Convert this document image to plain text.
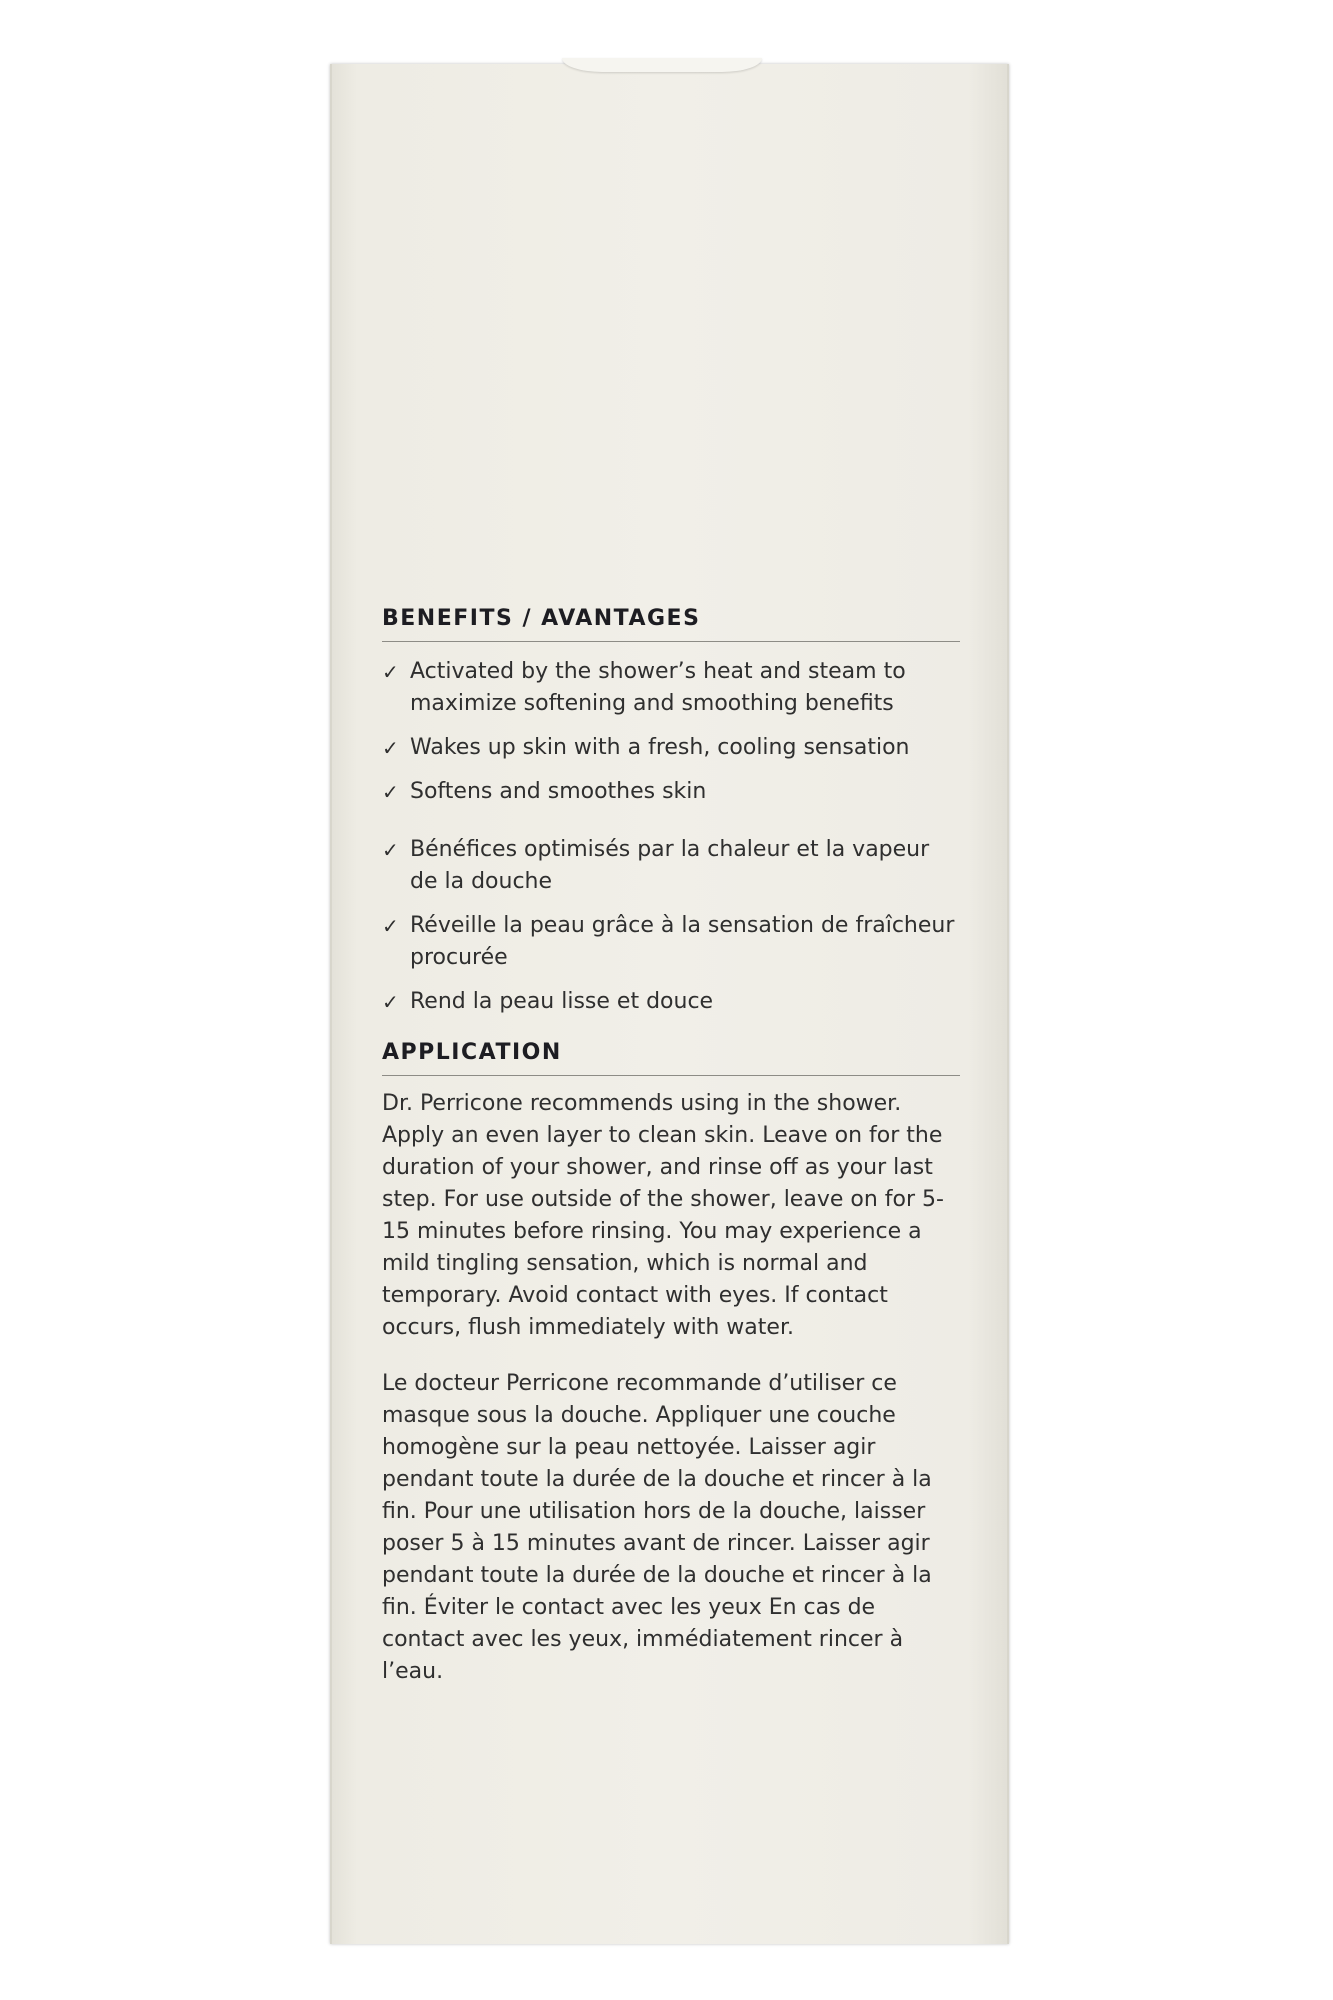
BENEFITS / AVANTAGES
✓ Activated by the shower’s heat and steam to maximize softening and smoothing benefits
✓ Wakes up skin with a fresh, cooling sensation
✓ Softens and smoothes skin
✓ Bénéfices optimisés par la chaleur et la vapeur de la douche
✓ Réveille la peau grâce à la sensation de fraîcheur procurée
✓ Rend la peau lisse et douce
APPLICATION

Dr. Perricone recommends using in the shower. Apply an even layer to clean skin. Leave on for the duration of your shower, and rinse off as your last step. For use outside of the shower, leave on for 5-15 minutes before rinsing. You may experience a mild tingling sensation, which is normal and temporary. Avoid contact with eyes. If contact occurs, flush immediately with water.

Le docteur Perricone recommande d’utiliser ce masque sous la douche. Appliquer une couche homogène sur la peau nettoyée. Laisser agir pendant toute la durée de la douche et rincer à la fin. Pour une utilisation hors de la douche, laisser poser 5 à 15 minutes avant de rincer. Laisser agir pendant toute la durée de la douche et rincer à la fin. Éviter le contact avec les yeux En cas de contact avec les yeux, immédiatement rincer à l’eau.
